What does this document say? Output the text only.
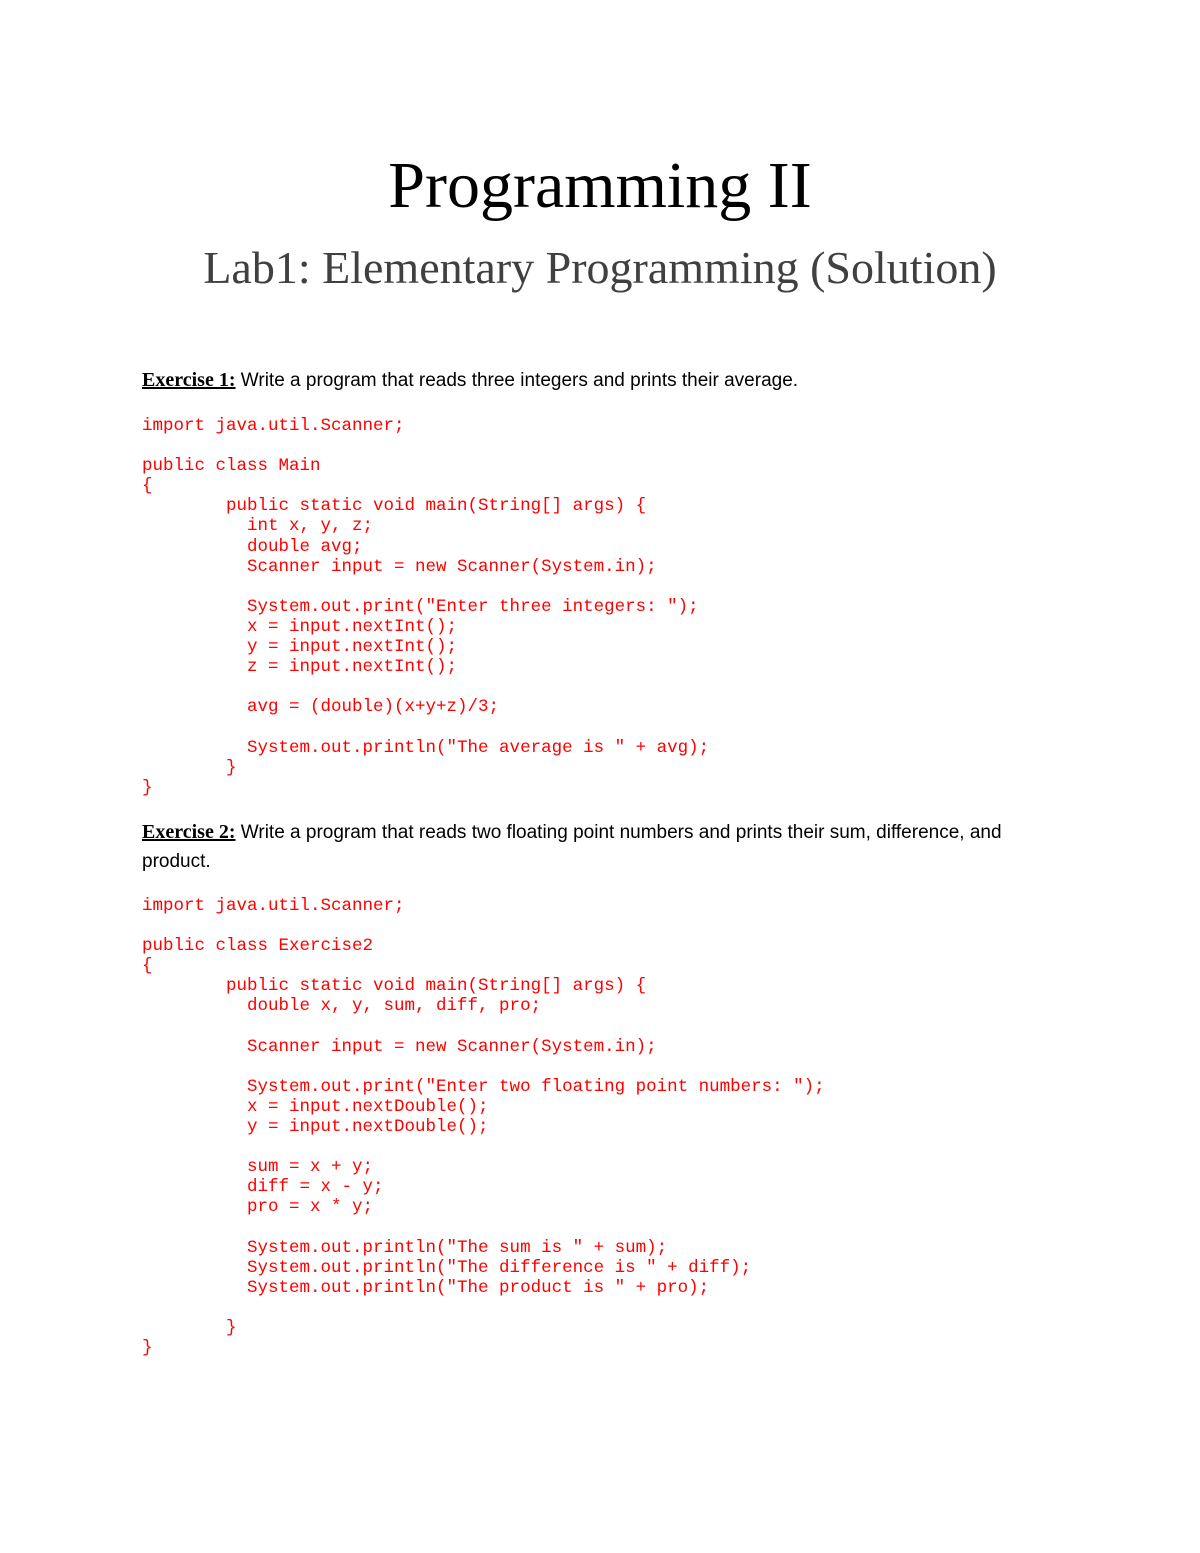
Programming II
Lab1: Elementary Programming (Solution)
Exercise 1: Write a program that reads three integers and prints their average.
import java.util.Scanner;

public class Main
{
	public static void main(String[] args) {
	int x, y, z;
	double avg;
	Scanner input = new Scanner(System.in);

	System.out.print("Enter three integers: ");
	x = input.nextInt();
	y = input.nextInt();
	z = input.nextInt();

	avg = (double)(x+y+z)/3;

	System.out.println("The average is " + avg);
	}
}
Exercise 2: Write a program that reads two floating point numbers and prints their sum, difference, and product.
import java.util.Scanner;

public class Exercise2
{
	public static void main(String[] args) {
	double x, y, sum, diff, pro;

	Scanner input = new Scanner(System.in);

	System.out.print("Enter two floating point numbers: ");
	x = input.nextDouble();
	y = input.nextDouble();

	sum = x + y;
	diff = x - y;
	pro = x * y;

	System.out.println("The sum is " + sum);
	System.out.println("The difference is " + diff);
	System.out.println("The product is " + pro);

	}
}
